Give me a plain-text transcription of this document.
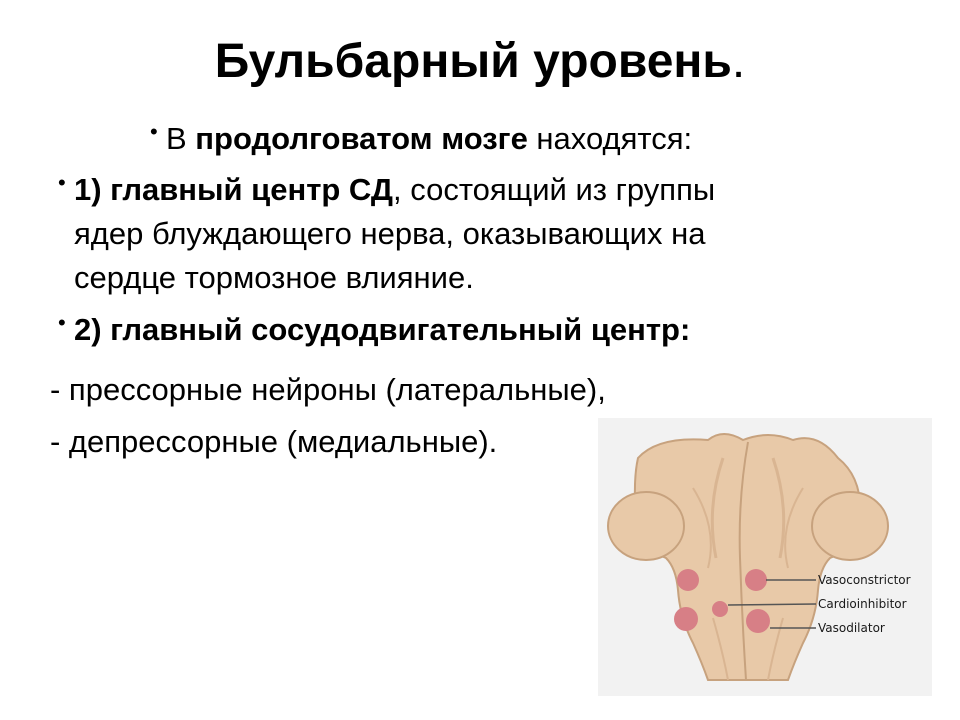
Бульбарный уровень.
• В продолговатом мозге находятся:
• 1) главный центр СД, состоящий из группы
ядер блуждающего нерва, оказывающих на
сердце тормозное влияние.
• 2) главный сосудодвигательный центр:
- прессорные нейроны (латеральные),
- депрессорные (медиальные).
Vasoconstrictor
Cardioinhibitor
Vasodilator
